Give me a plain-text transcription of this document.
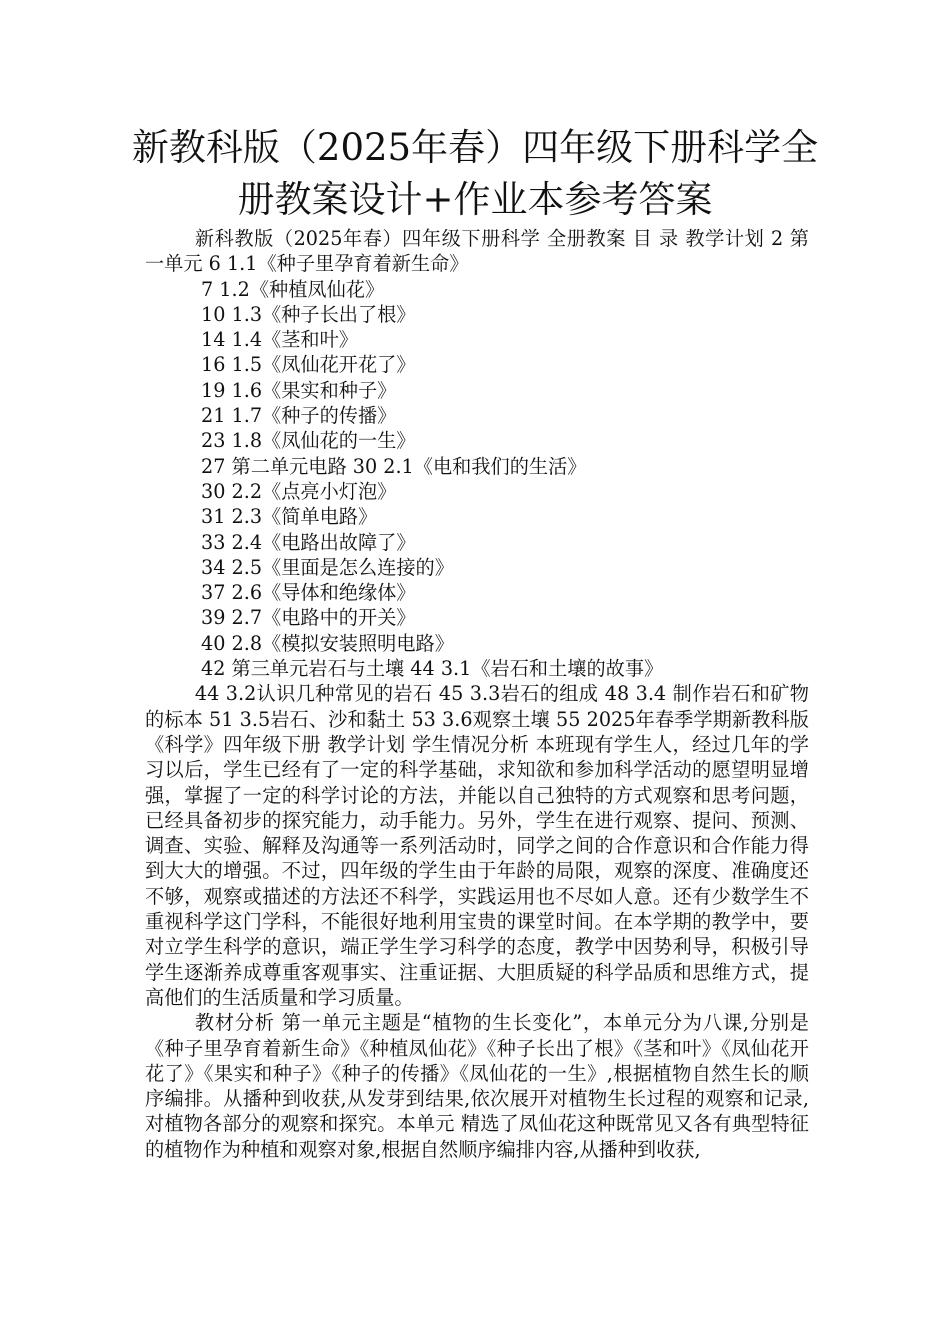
新教科版（2025年春）四年级下册科学全
册教案设计+作业本参考答案

新科教版（2025年春）四年级下册科学 全册教案 目 录 教学计划 2 第一单元 6 1.1《种子里孕育着新生命》

7 1.2《种植凤仙花》

10 1.3《种子长出了根》

14 1.4《茎和叶》

16 1.5《凤仙花开花了》

19 1.6《果实和种子》

21 1.7《种子的传播》

23 1.8《凤仙花的一生》

27 第二单元电路 30 2.1《电和我们的生活》

30 2.2《点亮小灯泡》

31 2.3《简单电路》

33 2.4《电路出故障了》

34 2.5《里面是怎么连接的》

37 2.6《导体和绝缘体》

39 2.7《电路中的开关》

40 2.8《模拟安装照明电路》

42 第三单元岩石与土壤 44 3.1《岩石和土壤的故事》

44 3.2认识几种常见的岩石 45 3.3岩石的组成 48 3.4 制作岩石和矿物的标本 51 3.5岩石、沙和黏土 53 3.6观察土壤 55 2025年春季学期新教科版《科学》四年级下册 教学计划 学生情况分析 本班现有学生人，经过几年的学习以后，学生已经有了一定的科学基础，求知欲和参加科学活动的愿望明显增强，掌握了一定的科学讨论的方法，并能以自己独特的方式观察和思考问题，已经具备初步的探究能力，动手能力。另外，学生在进行观察、提问、预测、调查、实验、解释及沟通等一系列活动时，同学之间的合作意识和合作能力得到大大的增强。不过，四年级的学生由于年龄的局限，观察的深度、准确度还不够，观察或描述的方法还不科学，实践运用也不尽如人意。还有少数学生不重视科学这门学科，不能很好地利用宝贵的课堂时间。在本学期的教学中，要对立学生科学的意识，端正学生学习科学的态度，教学中因势利导，积极引导学生逐渐养成尊重客观事实、注重证据、大胆质疑的科学品质和思维方式，提高他们的生活质量和学习质量。

教材分析 第一单元主题是“植物的生长变化”，本单元分为八课,分别是《种子里孕育着新生命》《种植凤仙花》《种子长出了根》《茎和叶》《凤仙花开花了》《果实和种子》《种子的传播》《凤仙花的一生》,根据植物自然生长的顺序编排。从播种到收获,从发芽到结果,依次展开对植物生长过程的观察和记录,对植物各部分的观察和探究。本单元 精选了凤仙花这种既常见又各有典型特征的植物作为种植和观察对象,根据自然顺序编排内容,从播种到收获,
